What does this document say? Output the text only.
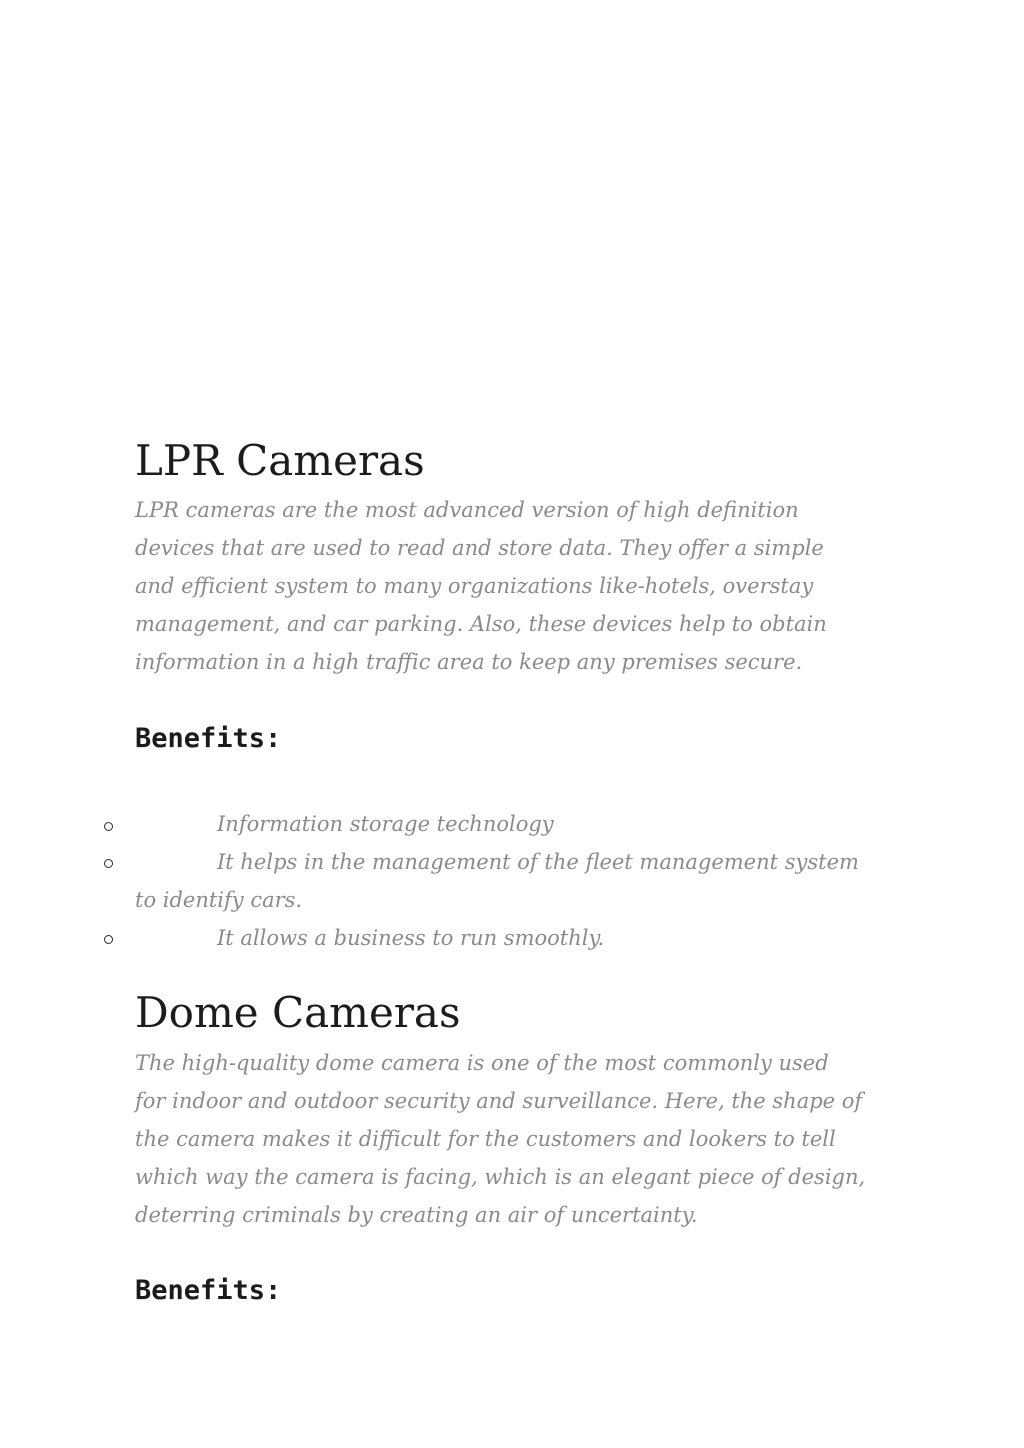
LPR Cameras
LPR cameras are the most advanced version of high definition
devices that are used to read and store data. They offer a simple
and efficient system to many organizations like-hotels, overstay
management, and car parking. Also, these devices help to obtain
information in a high traffic area to keep any premises secure.
Benefits:
Information storage technology
It helps in the management of the fleet management system
to identify cars.
It allows a business to run smoothly.
Dome Cameras
The high-quality dome camera is one of the most commonly used
for indoor and outdoor security and surveillance. Here, the shape of
the camera makes it difficult for the customers and lookers to tell
which way the camera is facing, which is an elegant piece of design,
deterring criminals by creating an air of uncertainty.
Benefits:
